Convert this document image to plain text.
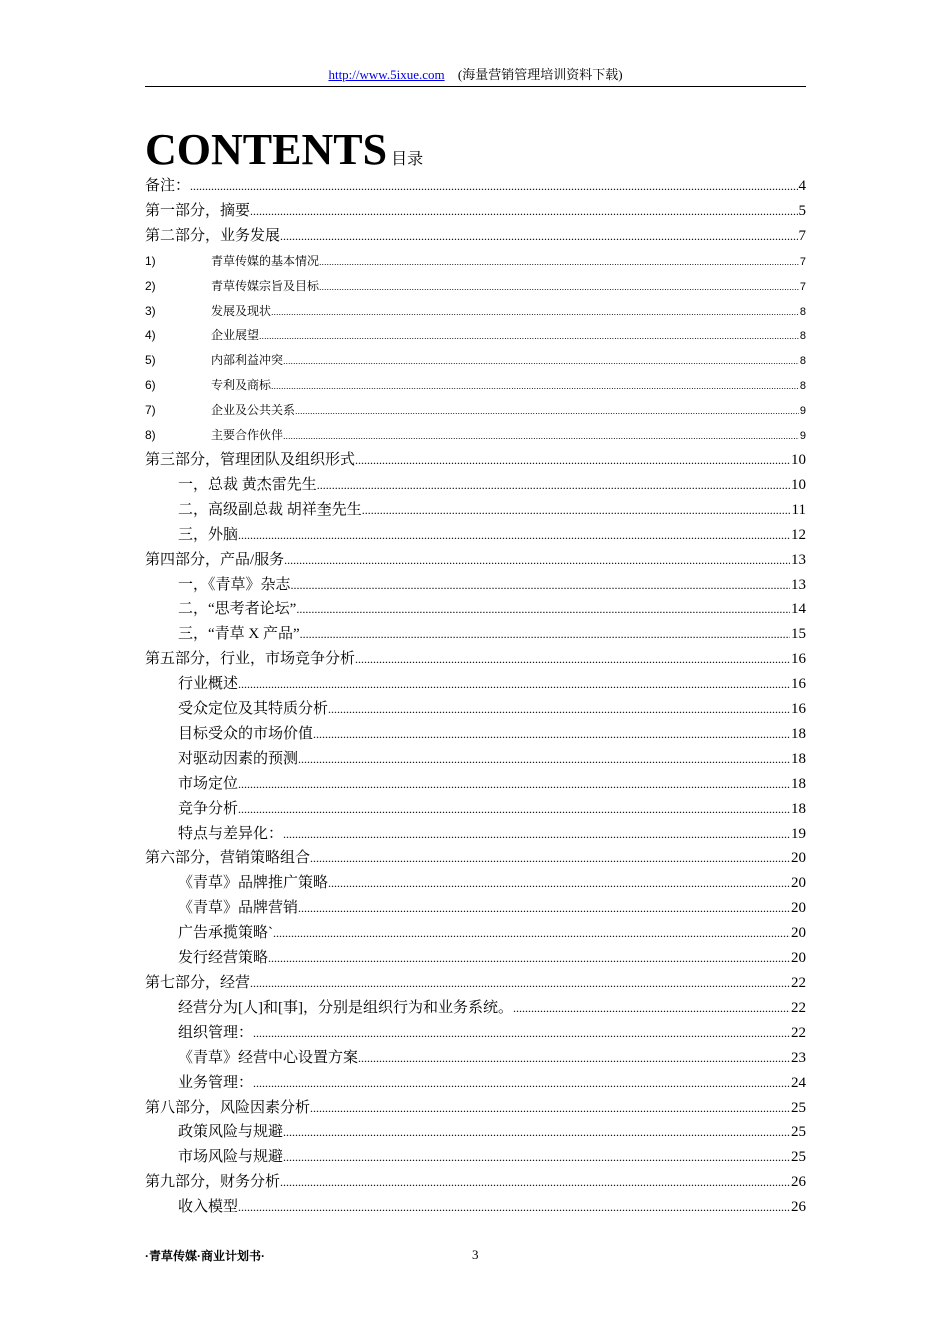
http://www.5ixue.com (海量营销管理培训资料下载)
CONTENTS 目录
备注： .....	4
第一部分，摘要 .....	5
第二部分，业务发展 .....	7
1)	青草传媒的基本情况 .....	7
2)	青草传媒宗旨及目标 .....	7
3)	发展及现状 .....	8
4)	企业展望 .....	8
5)	内部利益冲突 .....	8
6)	专利及商标 .....	8
7)	企业及公共关系 .....	9
8)	主要合作伙伴 .....	9
第三部分，管理团队及组织形式 .....	10
一，总裁 黄杰雷先生 .....	10
二，高级副总裁 胡祥奎先生 .....	11
三，外脑 .....	12
第四部分，产品/服务 .....	13
一，《青草》杂志 .....	13
二，“思考者论坛” .....	14
三，“青草 X 产品” .....	15
第五部分，行业，市场竞争分析 .....	16
行业概述 .....	16
受众定位及其特质分析 .....	16
目标受众的市场价值 .....	18
对驱动因素的预测 .....	18
市场定位 .....	18
竞争分析 .....	18
特点与差异化： .....	19
第六部分，营销策略组合 .....	20
《青草》品牌推广策略 .....	20
《青草》品牌营销 .....	20
广告承揽策略` .....	20
发行经营策略 .....	20
第七部分，经营 .....	22
经营分为[人]和[事]，分别是组织行为和业务系统。 .....	22
组织管理： .....	22
《青草》经营中心设置方案 .....	23
业务管理： .....	24
第八部分，风险因素分析 .....	25
政策风险与规避 .....	25
市场风险与规避 .....	25
第九部分，财务分析 .....	26
收入模型 .....	26
·青草传媒·商业计划书·	3
